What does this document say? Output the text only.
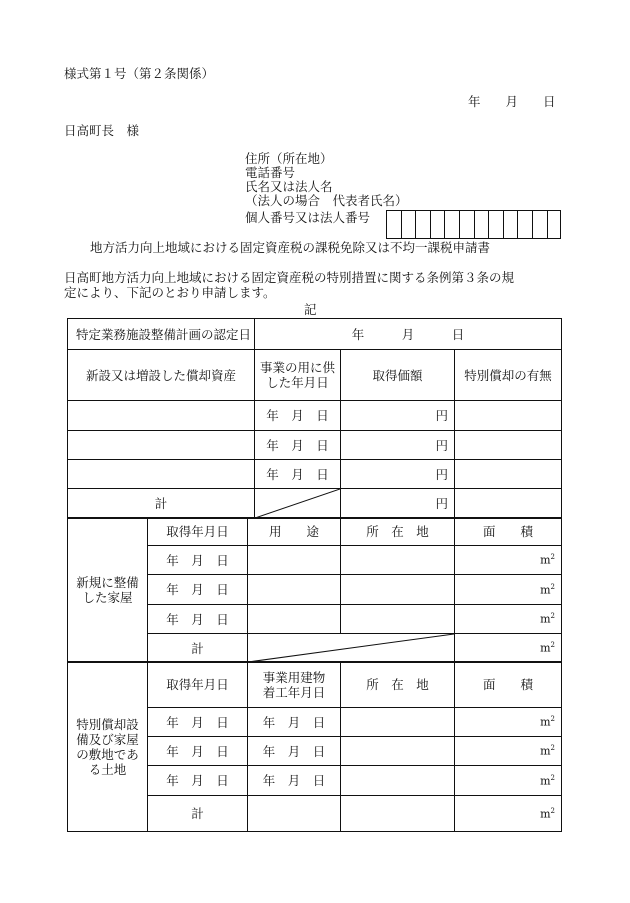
様式第１号（第２条関係）
年　　月　　日
日高町長　様
住所（所在地）
電話番号
氏名又は法人名
（法人の場合　代表者氏名）
個人番号又は法人番号
地方活力向上地域における固定資産税の課税免除又は不均一課税申請書
日高町地方活力向上地域における固定資産税の特別措置に関する条例第３条の規
定により、下記のとおり申請します。
記
特定業務施設整備計画の認定日	年　　　月　　　日		
新設又は増設した償却資産	事業の用に供
した年月日	取得価額	特別償却の有無
	年　月　日	円	
	年　月　日	円	
	年　月　日	円	
計		円	
新規に整備
した家屋	取得年月日	用　　途	所　在　地	面　　積
	年　月　日			$m^2$
	年　月　日			$m^2$
	年　月　日			$m^2$
	計			$m^2$
特別償却設
備及び家屋
の敷地であ
る土地	取得年月日	事業用建物
着工年月日	所　在　地	面　　積
	年　月　日	年　月　日		$m^2$
	年　月　日	年　月　日		$m^2$
	年　月　日	年　月　日		$m^2$
	計			$m^2$
